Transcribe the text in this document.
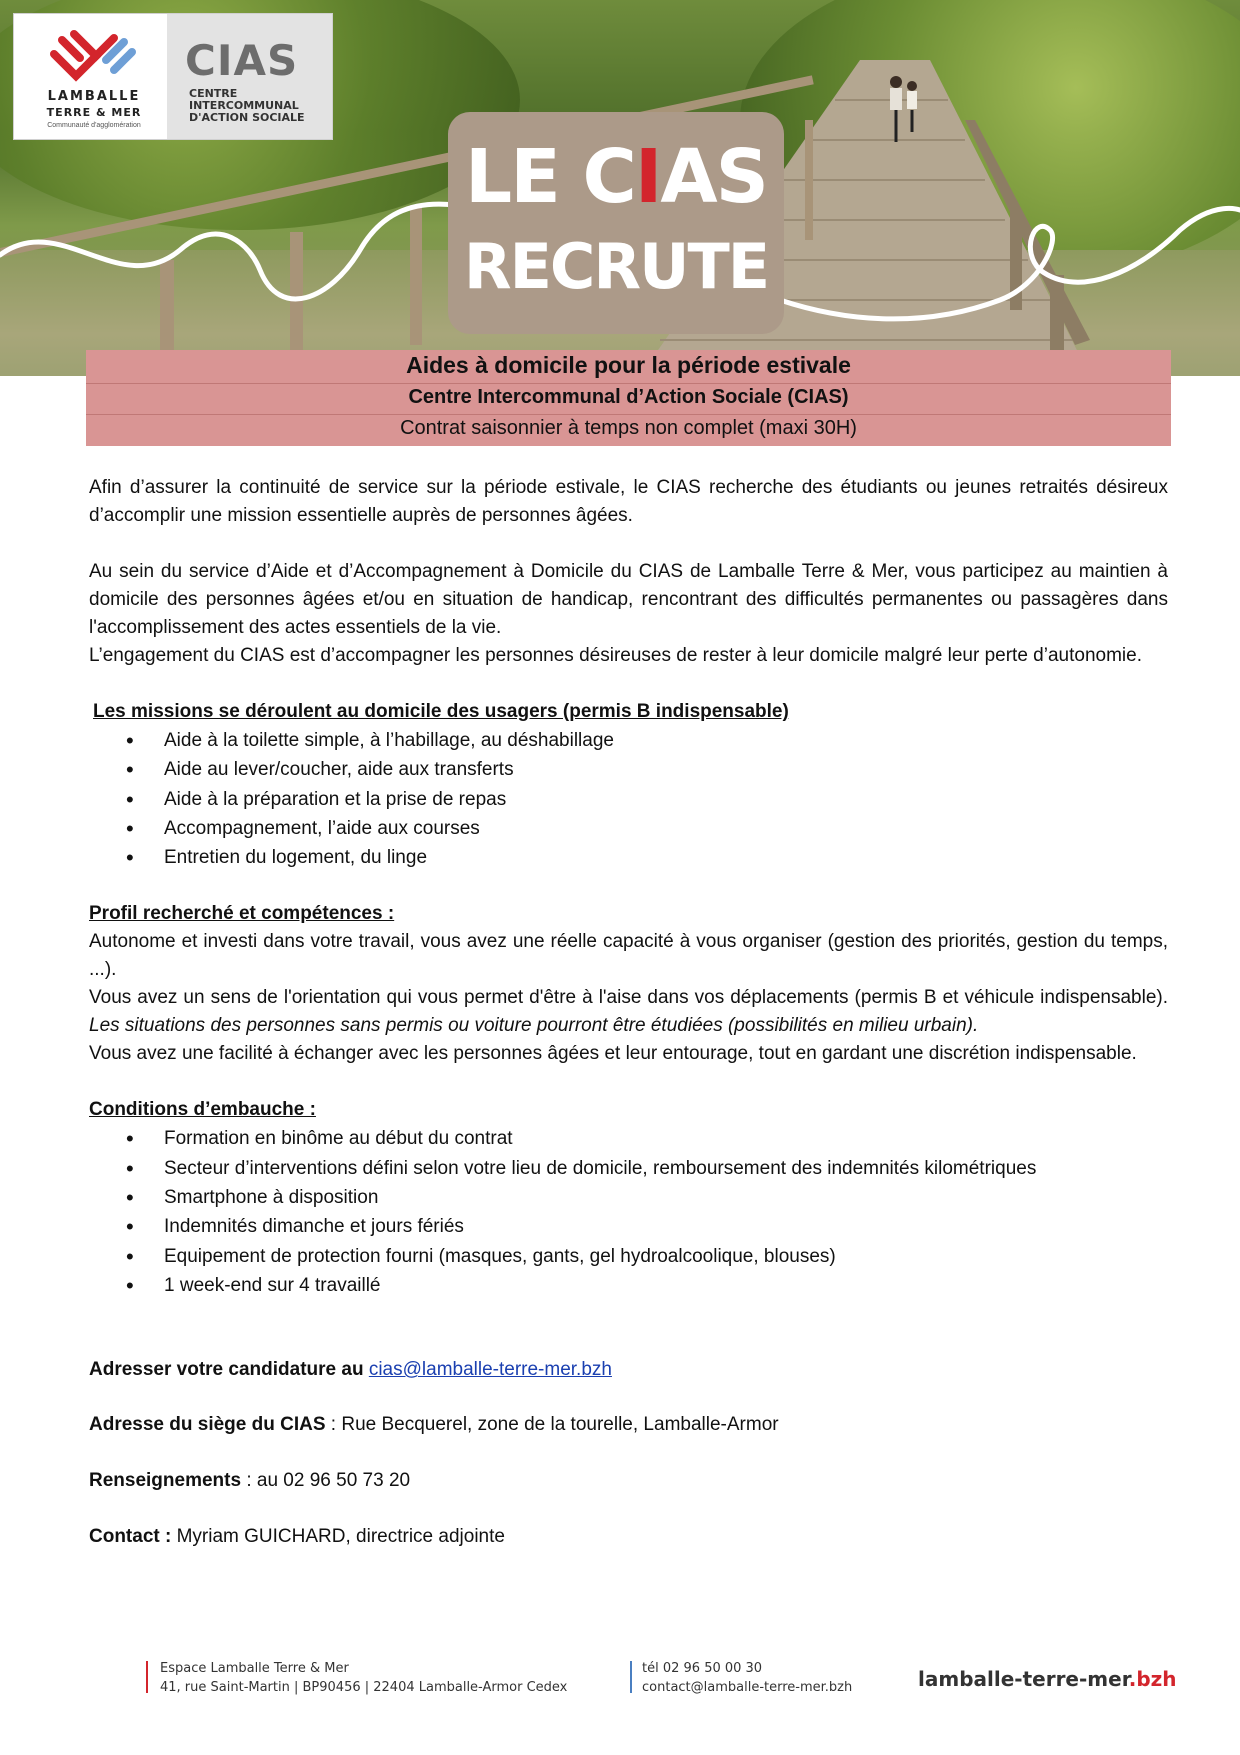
LAMBALLE
TERRE & MER
Communauté d'agglomération
CIAS
CENTRE
INTERCOMMUNAL
D'ACTION SOCIALE
LE CIAS
RECRUTE
Aides à domicile pour la période estivale
Centre Intercommunal d’Action Sociale (CIAS)
Contrat saisonnier à temps non complet (maxi 30H)

Afin d’assurer la continuité de service sur la période estivale, le CIAS recherche des étudiants ou jeunes retraités désireux d’accomplir une mission essentielle auprès de personnes âgées.

Au sein du service d’Aide et d’Accompagnement à Domicile du CIAS de Lamballe Terre & Mer, vous participez au maintien à domicile des personnes âgées et/ou en situation de handicap, rencontrant des difficultés permanentes ou passagères dans l'accomplissement des actes essentiels de la vie.

L’engagement du CIAS est d’accompagner les personnes désireuses de rester à leur domicile malgré leur perte d’autonomie.

Les missions se déroulent au domicile des usagers (permis B indispensable)
• Aide à la toilette simple, à l’habillage, au déshabillage
• Aide au lever/coucher, aide aux transferts
• Aide à la préparation et la prise de repas
• Accompagnement, l’aide aux courses
• Entretien du logement, du linge
Profil recherché et compétences :

Autonome et investi dans votre travail, vous avez une réelle capacité à vous organiser (gestion des priorités, gestion du temps, ...).

Vous avez un sens de l'orientation qui vous permet d'être à l'aise dans vos déplacements (permis B et véhicule indispensable). Les situations des personnes sans permis ou voiture pourront être étudiées (possibilités en milieu urbain).

Vous avez une facilité à échanger avec les personnes âgées et leur entourage, tout en gardant une discrétion indispensable.

Conditions d’embauche :
• Formation en binôme au début du contrat
• Secteur d’interventions défini selon votre lieu de domicile, remboursement des indemnités kilométriques
• Smartphone à disposition
• Indemnités dimanche et jours fériés
• Equipement de protection fourni (masques, gants, gel hydroalcoolique, blouses)
• 1 week-end sur 4 travaillé

Adresser votre candidature au cias@lamballe-terre-mer.bzh

Adresse du siège du CIAS : Rue Becquerel, zone de la tourelle, Lamballe-Armor

Renseignements : au 02 96 50 73 20

Contact : Myriam GUICHARD, directrice adjointe

Espace Lamballe Terre & Mer
41, rue Saint-Martin | BP90456 | 22404 Lamballe-Armor Cedex
tél 02 96 50 00 30
contact@lamballe-terre-mer.bzh	lamballe-terre-mer.bzh
